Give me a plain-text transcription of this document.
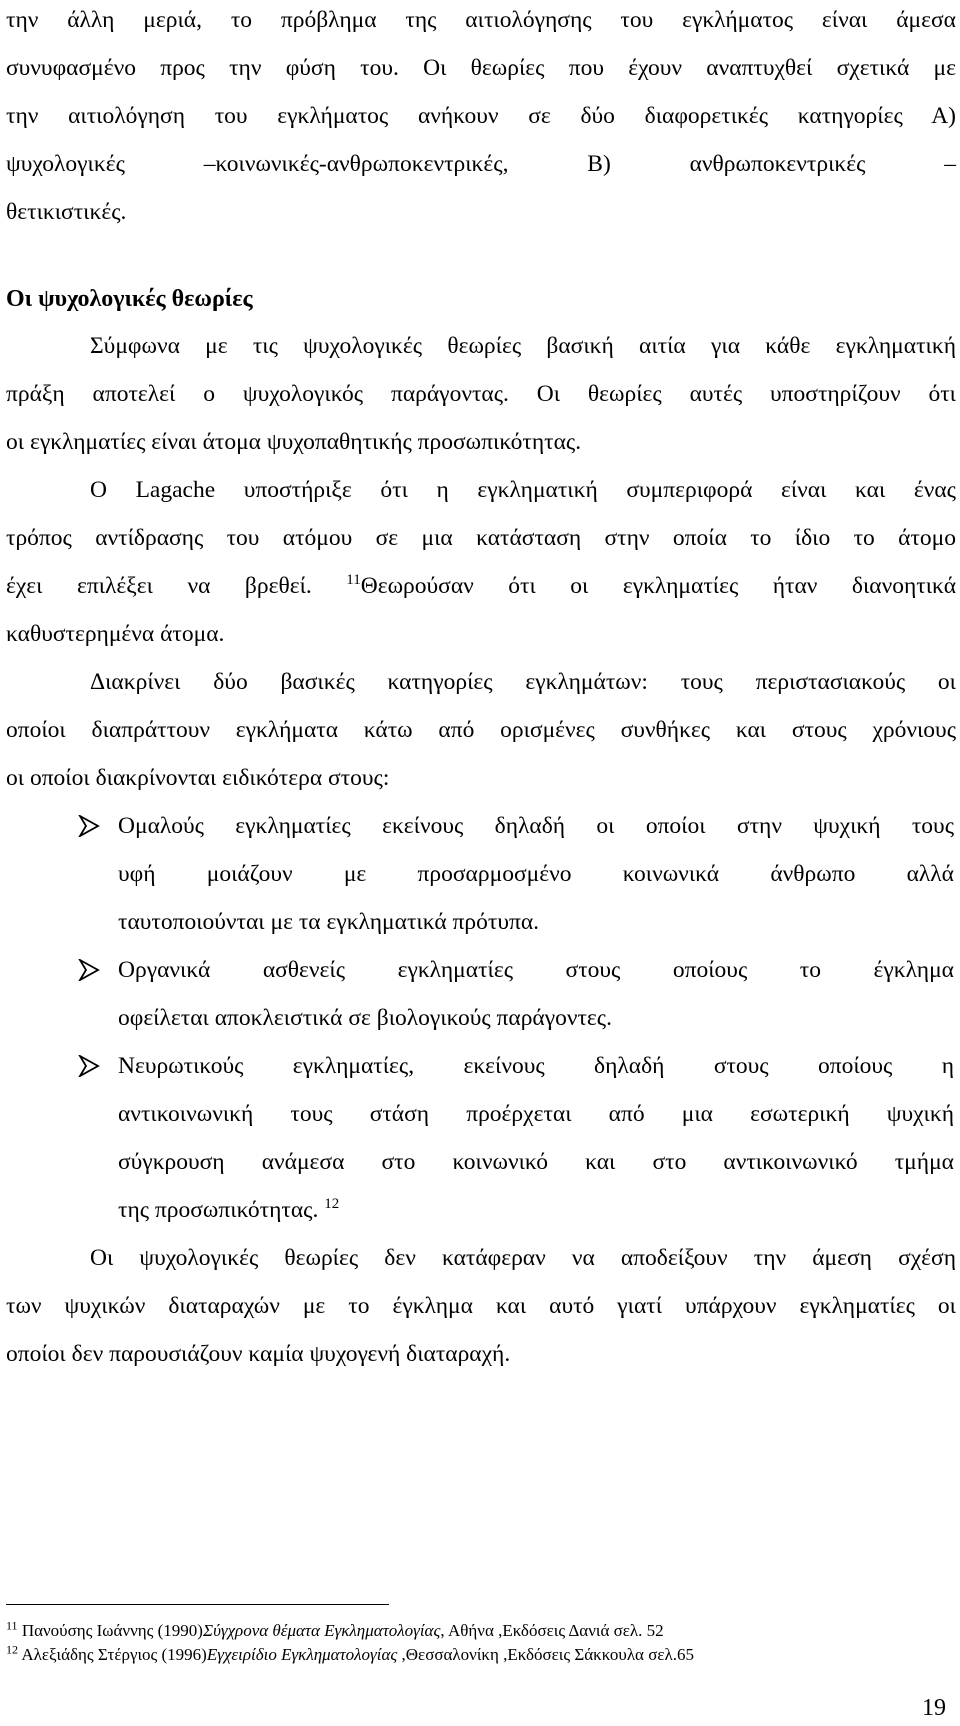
την άλλη μεριά, το πρόβλημα της αιτιολόγησης του εγκλήματος είναι άμεσα
συνυφασμένο προς την φύση του. Οι θεωρίες που έχουν αναπτυχθεί σχετικά με
την αιτιολόγηση του εγκλήματος ανήκουν σε δύο διαφορετικές κατηγορίες Α)
ψυχολογικές –κοινωνικές-ανθρωποκεντρικές, Β) ανθρωποκεντρικές –
θετικιστικές.
Οι ψυχολογικές θεωρίες
Σύμφωνα με τις ψυχολογικές θεωρίες βασική αιτία για κάθε εγκληματική
πράξη αποτελεί ο ψυχολογικός παράγοντας. Οι θεωρίες αυτές υποστηρίζουν ότι
οι εγκληματίες είναι άτομα ψυχοπαθητικής προσωπικότητας.
Ο Lagache υποστήριξε ότι η εγκληματική συμπεριφορά είναι και ένας
τρόπος αντίδρασης του ατόμου σε μια κατάσταση στην οποία το ίδιο το άτομο
έχει επιλέξει να βρεθεί. $^{11}$Θεωρούσαν ότι οι εγκληματίες ήταν διανοητικά
καθυστερημένα άτομα.
Διακρίνει δύο βασικές κατηγορίες εγκλημάτων: τους περιστασιακούς οι
οποίοι διαπράττουν εγκλήματα κάτω από ορισμένες συνθήκες και στους χρόνιους
οι οποίοι διακρίνονται ειδικότερα στους:
Ομαλούς εγκληματίες εκείνους δηλαδή οι οποίοι στην ψυχική τους
υφή μοιάζουν με προσαρμοσμένο κοινωνικά άνθρωπο αλλά
ταυτοποιούνται με τα εγκληματικά πρότυπα.
Οργανικά ασθενείς εγκληματίες στους οποίους το έγκλημα
οφείλεται αποκλειστικά σε βιολογικούς παράγοντες.
Νευρωτικούς εγκληματίες, εκείνους δηλαδή στους οποίους η
αντικοινωνική τους στάση προέρχεται από μια εσωτερική ψυχική
σύγκρουση ανάμεσα στο κοινωνικό και στο αντικοινωνικό τμήμα
της προσωπικότητας. $^{12}$
Οι ψυχολογικές θεωρίες δεν κατάφεραν να αποδείξουν την άμεση σχέση
των ψυχικών διαταραχών με το έγκλημα και αυτό γιατί υπάρχουν εγκληματίες οι
οποίοι δεν παρουσιάζουν καμία ψυχογενή διαταραχή.
$^{11}$ Πανούσης Ιωάννης (1990)Σύγχρονα θέματα Εγκληματολογίας, Αθήνα ,Εκδόσεις Δανιά σελ. 52
$^{12}$ Αλεξιάδης Στέργιος (1996)Εγχειρίδιο Εγκληματολογίας ,Θεσσαλονίκη ,Εκδόσεις Σάκκουλα σελ.65
19
